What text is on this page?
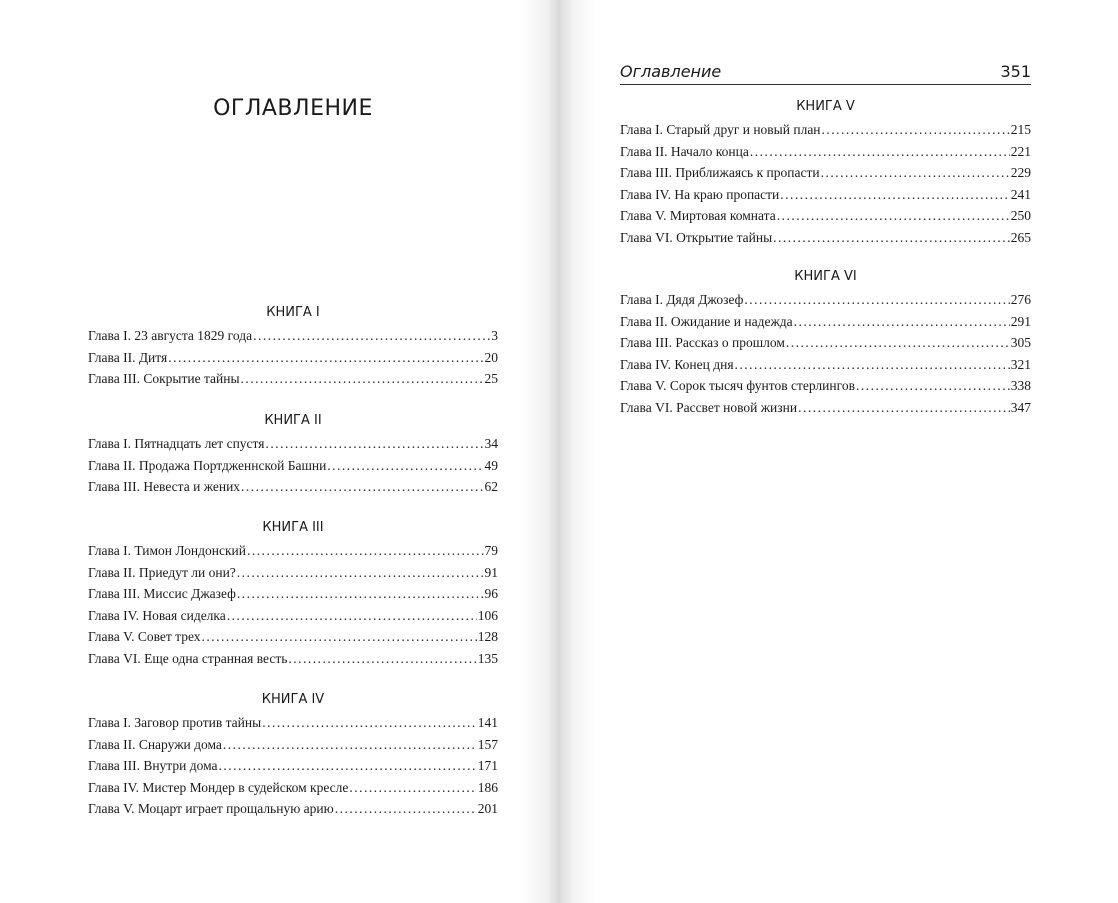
ОГЛАВЛЕНИЕ
Оглавление	351
КНИГА I
Глава I. 23 августа 1829 года .....	3
Глава II. Дитя .....	20
Глава III. Сокрытие тайны .....	25
КНИГА II
Глава I. Пятнадцать лет спустя .....	34
Глава II. Продажа Портдженнской Башни .....	49
Глава III. Невеста и жених .....	62
КНИГА III
Глава I. Тимон Лондонский .....	79
Глава II. Приедут ли они? .....	91
Глава III. Миссис Джазеф .....	96
Глава IV. Новая сиделка .....	106
Глава V. Совет трех .....	128
Глава VI. Еще одна странная весть .....	135
КНИГА IV
Глава I. Заговор против тайны .....	141
Глава II. Снаружи дома .....	157
Глава III. Внутри дома .....	171
Глава IV. Мистер Мондер в судейском кресле .....	186
Глава V. Моцарт играет прощальную арию .....	201
КНИГА V
Глава I. Старый друг и новый план .....	215
Глава II. Начало конца .....	221
Глава III. Приближаясь к пропасти .....	229
Глава IV. На краю пропасти .....	241
Глава V. Миртовая комната .....	250
Глава VI. Открытие тайны .....	265
КНИГА VI
Глава I. Дядя Джозеф .....	276
Глава II. Ожидание и надежда .....	291
Глава III. Рассказ о прошлом .....	305
Глава IV. Конец дня .....	321
Глава V. Сорок тысяч фунтов стерлингов .....	338
Глава VI. Рассвет новой жизни .....	347
